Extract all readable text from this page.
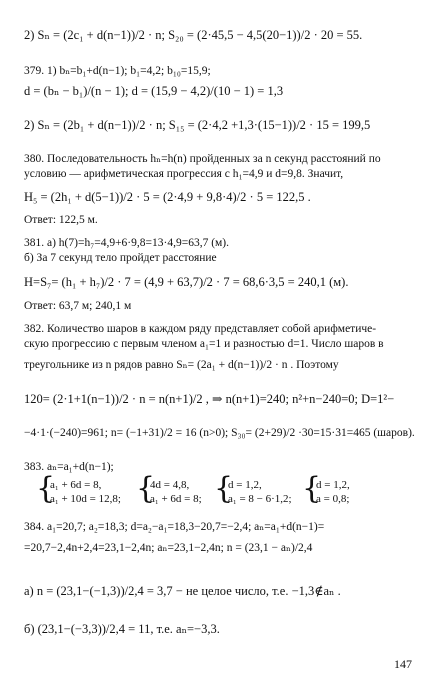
2) Sₙ = (2c₁ + d(n−1))/2 · n; S₂₀ = (2·45,5 − 4,5(20−1))/2 · 20 = 55.
379. 1) bₙ=b₁+d(n−1); b₁=4,2; b₁₀=15,9;
d = (bₙ − b₁)/(n − 1); d = (15,9 − 4,2)/(10 − 1) = 1,3
2) Sₙ = (2b₁ + d(n−1))/2 · n; S₁₅ = (2·4,2 +1,3·(15−1))/2 · 15 = 199,5
380. Последовательность hₙ=h(n) пройденных за n секунд расстояний по
условию — арифметическая прогрессия с h₁=4,9 и d=9,8. Значит,
H₅ = (2h₁ + d(5−1))/2 · 5 = (2·4,9 + 9,8·4)/2 · 5 = 122,5 .
Ответ: 122,5 м.
381. а) h(7)=h₇=4,9+6·9,8=13·4,9=63,7 (м).
б) За 7 секунд тело пройдет расстояние
H=S₇= (h₁ + h₇)/2 · 7 = (4,9 + 63,7)/2 · 7 = 68,6·3,5 = 240,1 (м).
Ответ: 63,7 м; 240,1 м
382. Количество шаров в каждом ряду представляет собой арифметиче-
скую прогрессию с первым членом a₁=1 и разностью d=1. Число шаров в
треугольнике из n рядов равно Sₙ= (2a₁ + d(n−1))/2 · n . Поэтому
120= (2·1+1(n−1))/2 · n = n(n+1)/2 , ⇒ n(n+1)=240; n²+n−240=0; D=1²−
−4·1·(−240)=961; n= (−1+31)/2 = 16 (n>0); S₃₀= (2+29)/2 ·30=15·31=465 (шаров).
383. aₙ=a₁+d(n−1);
{
a₁ + 6d = 8,
a₁ + 10d = 12,8; {
4d = 4,8,
a₁ + 6d = 8; {
d = 1,2,
a₁ = 8 − 6·1,2; {
d = 1,2,
a = 0,8;
384. a₁=20,7; a₂=18,3; d=a₂−a₁=18,3−20,7=−2,4; aₙ=a₁+d(n−1)=
=20,7−2,4n+2,4=23,1−2,4n; aₙ=23,1−2,4n; n = (23,1 − aₙ)/2,4
а) n = (23,1−(−1,3))/2,4 = 3,7 − не целое число, т.е. −1,3∉aₙ .
б) (23,1−(−3,3))/2,4 = 11, т.е. aₙ=−3,3.
147
